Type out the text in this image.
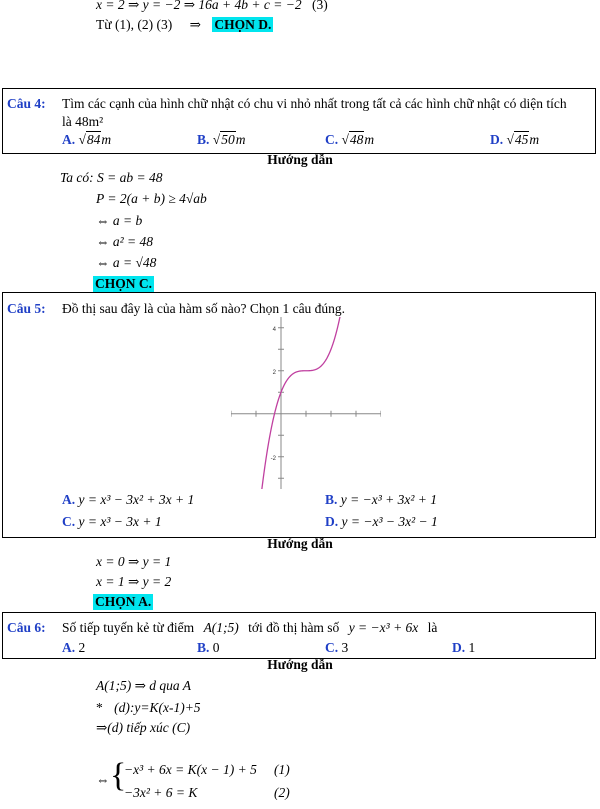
x = 2 ⇒ y = −2 ⇒ 16a + 4b + c = −2 (3)
Từ (1), (2) (3) ⇒ CHỌN D.
Câu 4: Tìm các cạnh của hình chữ nhật có chu vi nhỏ nhất trong tất cả các hình chữ nhật có diện tích
là 48m²
A. √84m	B. √50m	C. √48m	D. √45m
Hướng dẫn
Ta có: S = ab = 48
P = 2(a + b) ≥ 4√ab
⇔ a = b
⇔ a² = 48
⇔ a = √48
CHỌN C.
Câu 5: Đồ thị sau đây là của hàm số nào? Chọn 1 câu đúng.
4
2
-2
A. y = x³ − 3x² + 3x + 1	B. y = −x³ + 3x² + 1
C. y = x³ − 3x + 1	D. y = −x³ − 3x² − 1
Hướng dẫn
x = 0 ⇒ y = 1
x = 1 ⇒ y = 2
CHỌN A.
Câu 6: Số tiếp tuyến kẻ từ điểm A(1;5) tới đồ thị hàm số y = −x³ + 6x là
A. 2	B. 0	C. 3	D. 1
Hướng dẫn
A(1;5) ⇒ d qua A
* (d):y=K(x-1)+5
⇒(d) tiếp xúc (C)
⇔ {
−x³ + 6x = K(x − 1) + 5 (1)
−3x² + 6 = K	(2)
